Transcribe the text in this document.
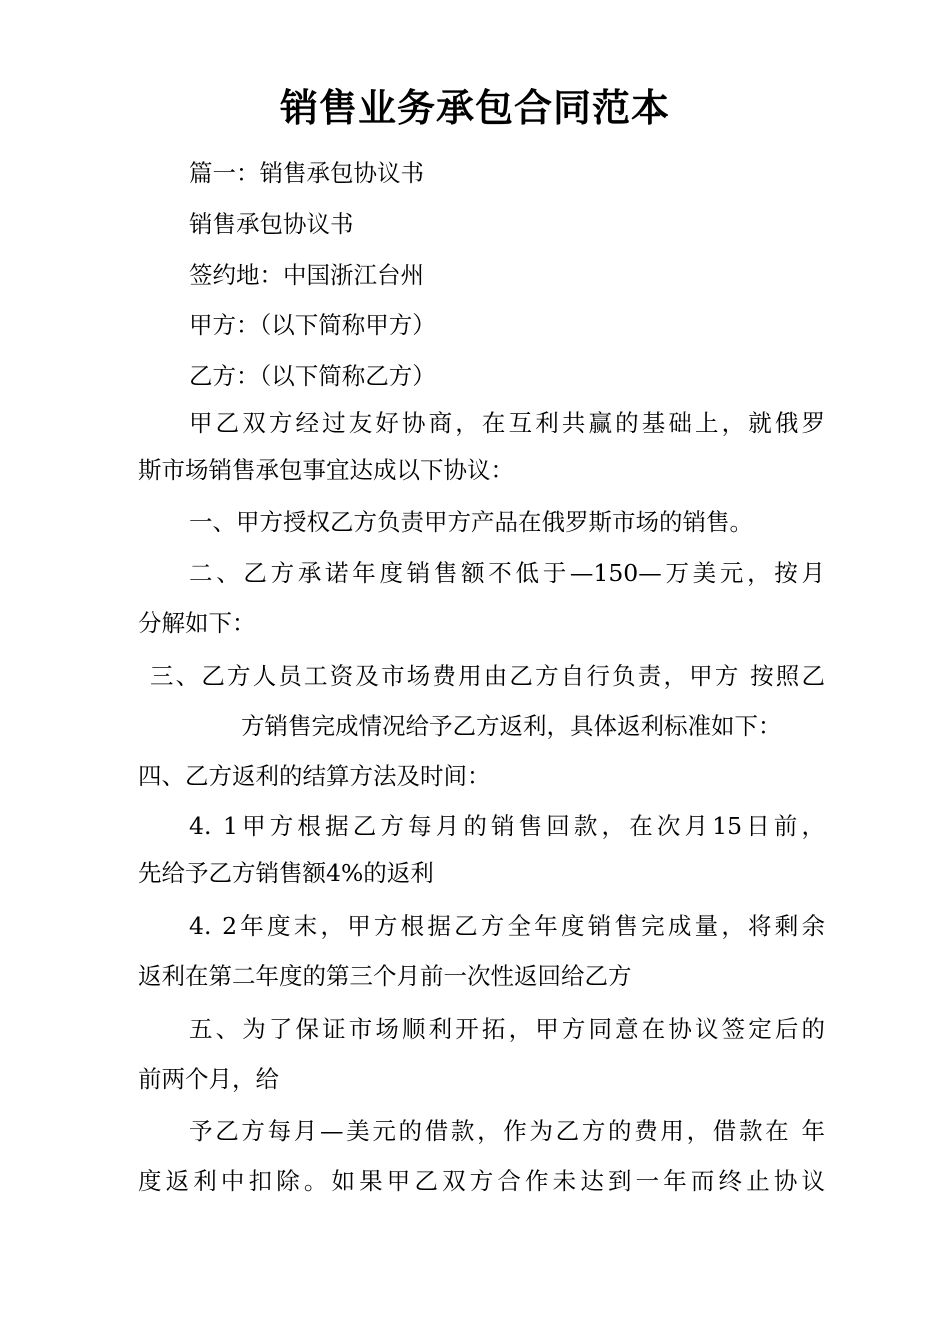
销售业务承包合同范本
篇一：销售承包协议书
销售承包协议书
签约地：中国浙江台州
甲方：（以下简称甲方）
乙方：（以下简称乙方）
甲乙双方经过友好协商，在互利共赢的基础上，就俄罗
斯市场销售承包事宜达成以下协议：
一、甲方授权乙方负责甲方产品在俄罗斯市场的销售。
二、乙方承诺年度销售额不低于—150—万美元，按月
分解如下：
三、乙方人员工资及市场费用由乙方自行负责，甲方 按照乙
方销售完成情况给予乙方返利，具体返利标准如下：
四、乙方返利的结算方法及时间：
4. 1甲方根据乙方每月的销售回款，在次月15日前，
先给予乙方销售额4%的返利
4. 2年度末，甲方根据乙方全年度销售完成量，将剩余
返利在第二年度的第三个月前一次性返回给乙方
五、为了保证市场顺利开拓，甲方同意在协议签定后的
前两个月，给
予乙方每月—美元的借款，作为乙方的费用，借款在 年
度返利中扣除。如果甲乙双方合作未达到一年而终止协议
